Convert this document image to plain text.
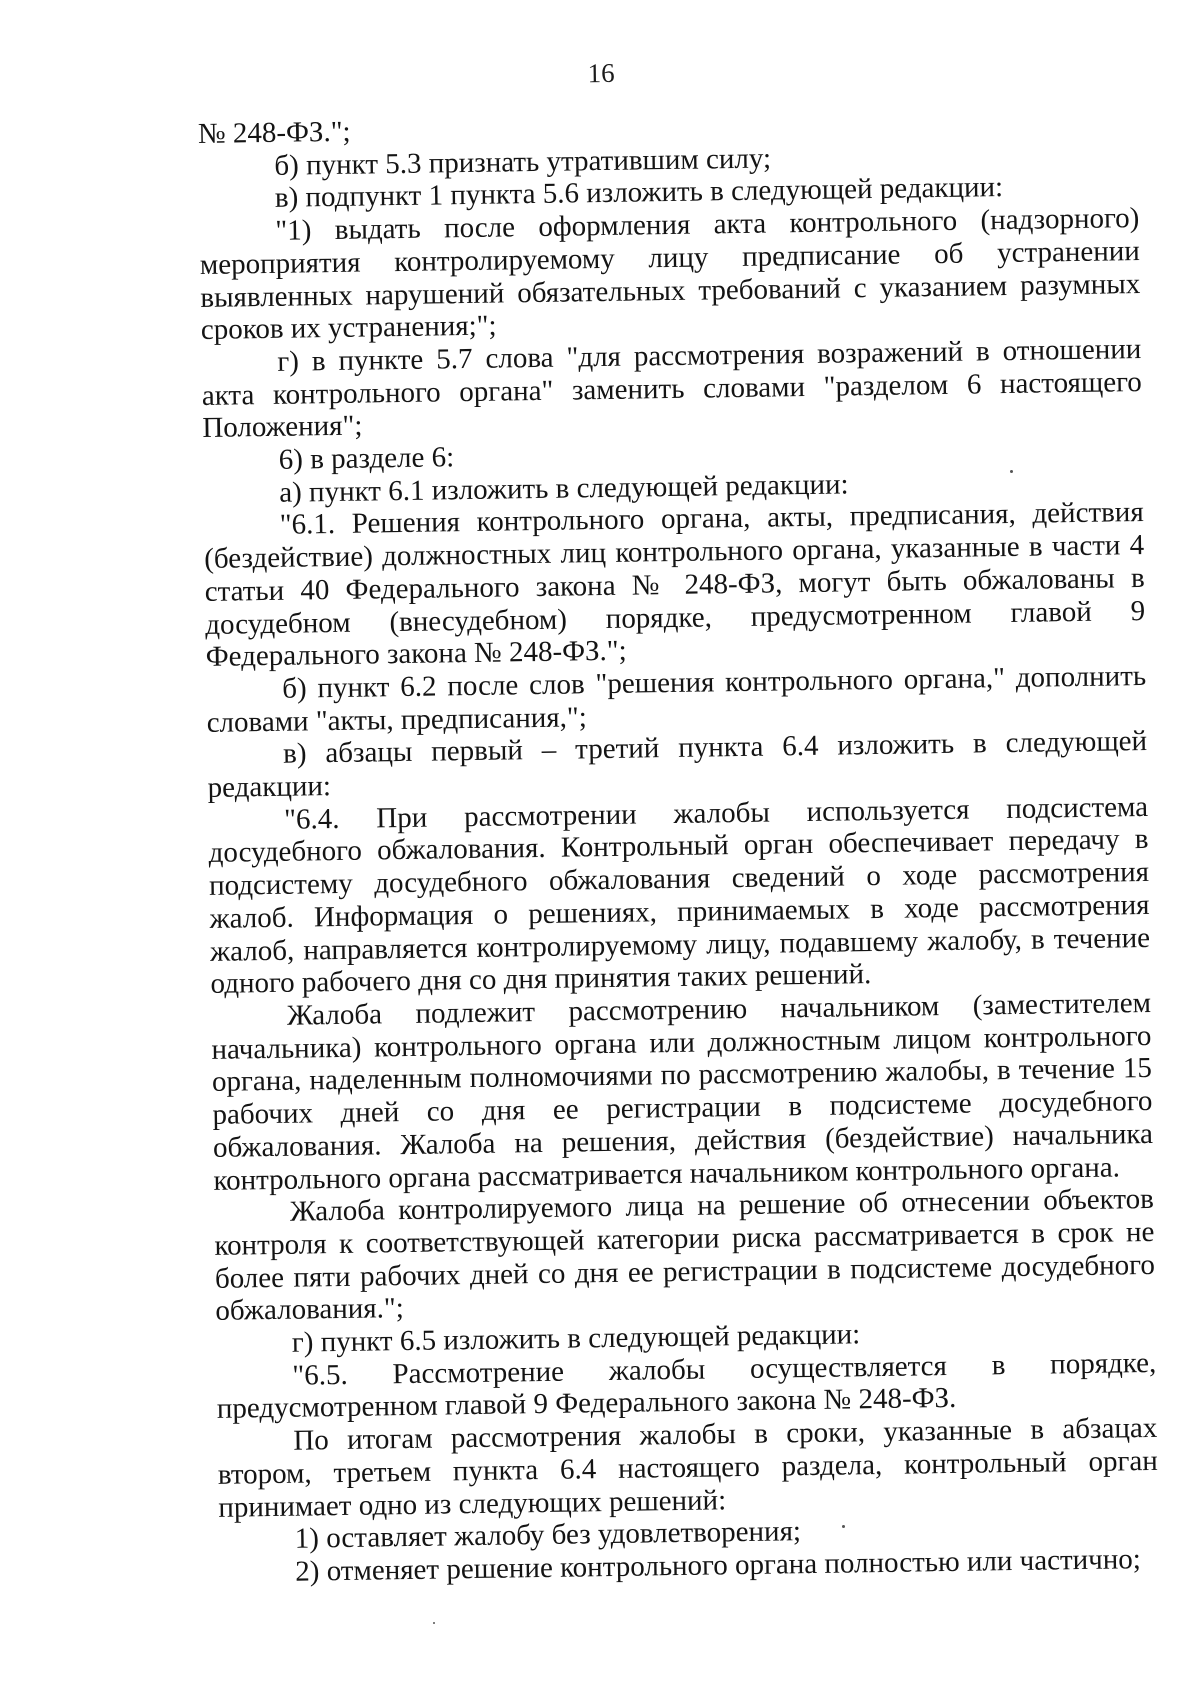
16

№ 248-ФЗ.";

б) пункт 5.3 признать утратившим силу;

в) подпункт 1 пункта 5.6 изложить в следующей редакции:

"1) выдать после оформления акта контрольного (надзорного) мероприятия контролируемому лицу предписание об устранении выявленных нарушений обязательных требований с указанием разумных сроков их устранения;";

г) в пункте 5.7 слова "для рассмотрения возражений в отношении акта контрольного органа" заменить словами "разделом 6 настоящего Положения";

6) в разделе 6:

а) пункт 6.1 изложить в следующей редакции:

"6.1. Решения контрольного органа, акты, предписания, действия (бездействие) должностных лиц контрольного органа, указанные в части 4 статьи 40 Федерального закона № 248-ФЗ, могут быть обжалованы в досудебном (внесудебном) порядке, предусмотренном главой 9 Федерального закона № 248-ФЗ.";

б) пункт 6.2 после слов "решения контрольного органа," дополнить словами "акты, предписания,";

в) абзацы первый – третий пункта 6.4 изложить в следующей редакции:

"6.4. При рассмотрении жалобы используется подсистема досудебного обжалования. Контрольный орган обеспечивает передачу в подсистему досудебного обжалования сведений о ходе рассмотрения жалоб. Информация о решениях, принимаемых в ходе рассмотрения жалоб, направляется контролируемому лицу, подавшему жалобу, в течение одного рабочего дня со дня принятия таких решений.

Жалоба подлежит рассмотрению начальником (заместителем начальника) контрольного органа или должностным лицом контрольного органа, наделенным полномочиями по рассмотрению жалобы, в течение 15 рабочих дней со дня ее регистрации в подсистеме досудебного обжалования. Жалоба на решения, действия (бездействие) начальника контрольного органа рассматривается начальником контрольного органа.

Жалоба контролируемого лица на решение об отнесении объектов контроля к соответствующей категории риска рассматривается в срок не более пяти рабочих дней со дня ее регистрации в подсистеме досудебного обжалования.";

г) пункт 6.5 изложить в следующей редакции:

"6.5. Рассмотрение жалобы осуществляется в порядке, предусмотренном главой 9 Федерального закона № 248-ФЗ.

По итогам рассмотрения жалобы в сроки, указанные в абзацах втором, третьем пункта 6.4 настоящего раздела, контрольный орган принимает одно из следующих решений:

1) оставляет жалобу без удовлетворения;

2) отменяет решение контрольного органа полностью или частично;
